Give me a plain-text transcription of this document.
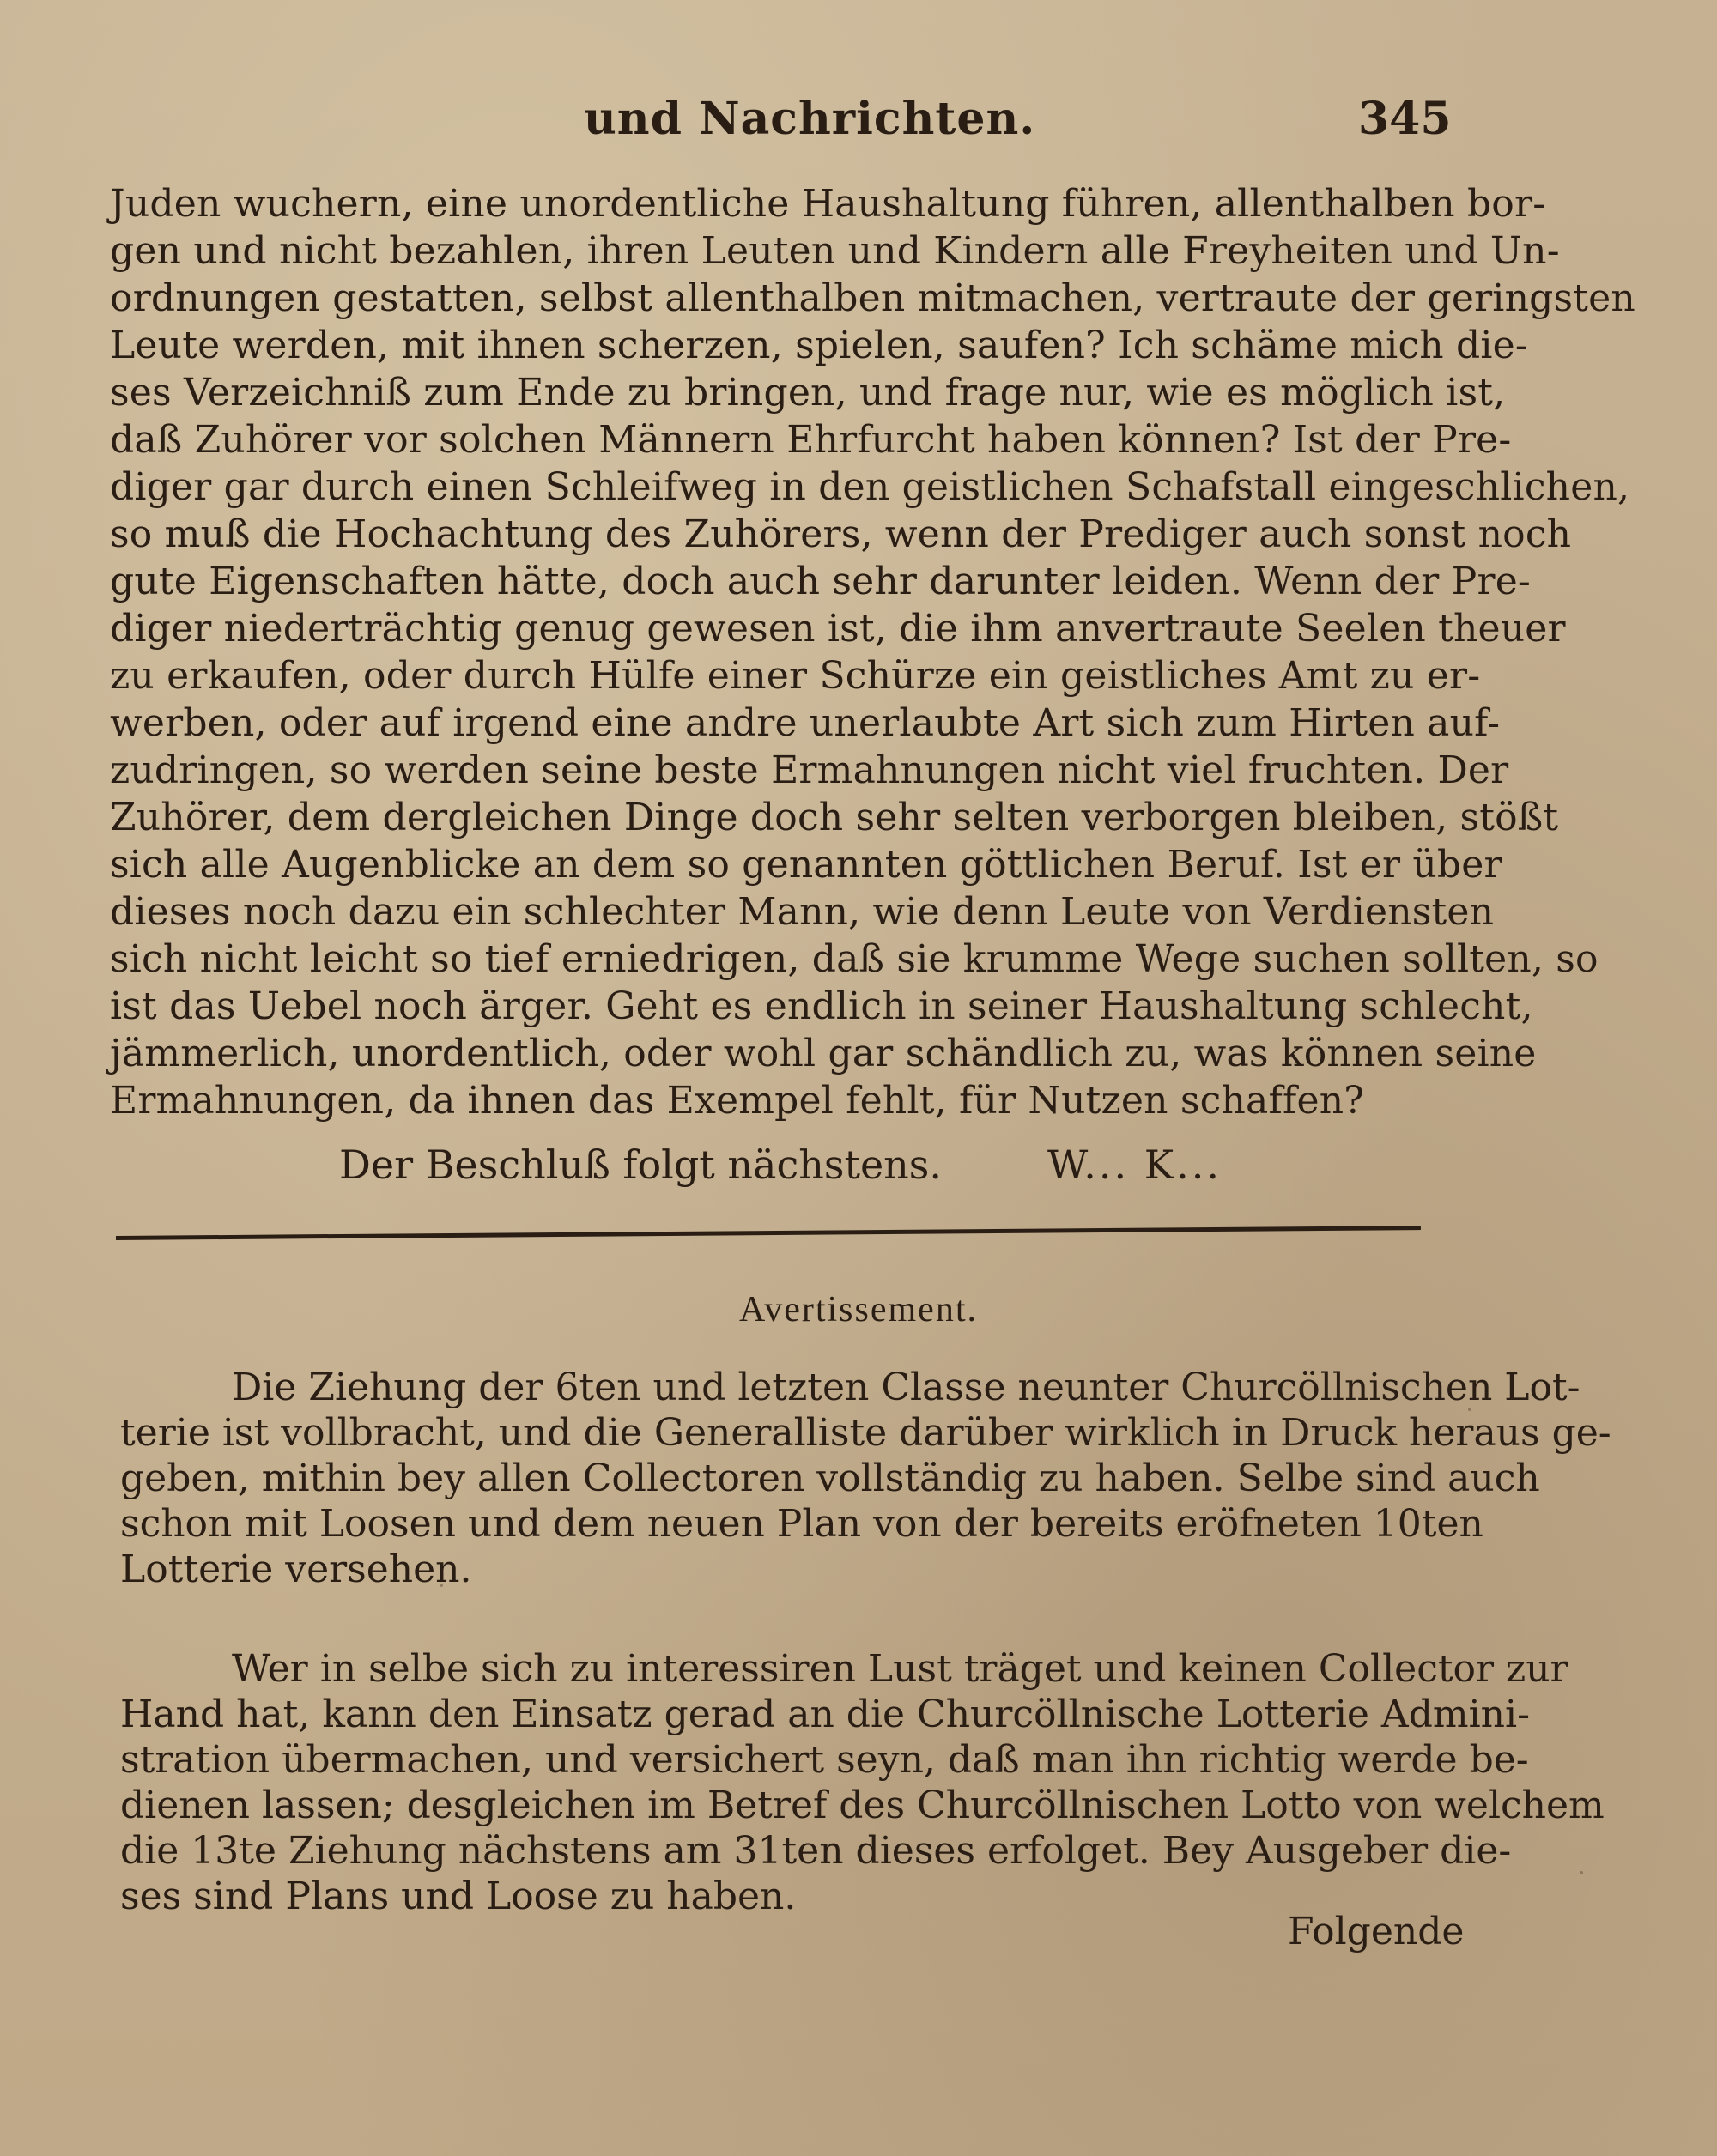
und Nachrichten.	345
Juden wuchern, eine unordentliche Haushaltung führen, allenthalben bor-
gen und nicht bezahlen, ihren Leuten und Kindern alle Freyheiten und Un-
ordnungen gestatten, selbst allenthalben mitmachen, vertraute der geringsten
Leute werden, mit ihnen scherzen, spielen, saufen? Ich schäme mich die-
ses Verzeichniß zum Ende zu bringen, und frage nur, wie es möglich ist,
daß Zuhörer vor solchen Männern Ehrfurcht haben können? Ist der Pre-
diger gar durch einen Schleifweg in den geistlichen Schafstall eingeschlichen,
so muß die Hochachtung des Zuhörers, wenn der Prediger auch sonst noch
gute Eigenschaften hätte, doch auch sehr darunter leiden. Wenn der Pre-
diger niederträchtig genug gewesen ist, die ihm anvertraute Seelen theuer
zu erkaufen, oder durch Hülfe einer Schürze ein geistliches Amt zu er-
werben, oder auf irgend eine andre unerlaubte Art sich zum Hirten auf-
zudringen, so werden seine beste Ermahnungen nicht viel fruchten. Der
Zuhörer, dem dergleichen Dinge doch sehr selten verborgen bleiben, stößt
sich alle Augenblicke an dem so genannten göttlichen Beruf. Ist er über
dieses noch dazu ein schlechter Mann, wie denn Leute von Verdiensten
sich nicht leicht so tief erniedrigen, daß sie krumme Wege suchen sollten, so
ist das Uebel noch ärger. Geht es endlich in seiner Haushaltung schlecht,
jämmerlich, unordentlich, oder wohl gar schändlich zu, was können seine
Ermahnungen, da ihnen das Exempel fehlt, für Nutzen schaffen?
Der Beschluß folgt nächstens.	W... K...
Avertissement.
Die Ziehung der 6ten und letzten Classe neunter Churcöllnischen Lot-
terie ist vollbracht, und die Generalliste darüber wirklich in Druck heraus ge-
geben, mithin bey allen Collectoren vollständig zu haben. Selbe sind auch
schon mit Loosen und dem neuen Plan von der bereits eröfneten 10ten
Lotterie versehen.
Wer in selbe sich zu interessiren Lust träget und keinen Collector zur
Hand hat, kann den Einsatz gerad an die Churcöllnische Lotterie Admini-
stration übermachen, und versichert seyn, daß man ihn richtig werde be-
dienen lassen; desgleichen im Betref des Churcöllnischen Lotto von welchem
die 13te Ziehung nächstens am 31ten dieses erfolget. Bey Ausgeber die-
ses sind Plans und Loose zu haben.
Folgende
